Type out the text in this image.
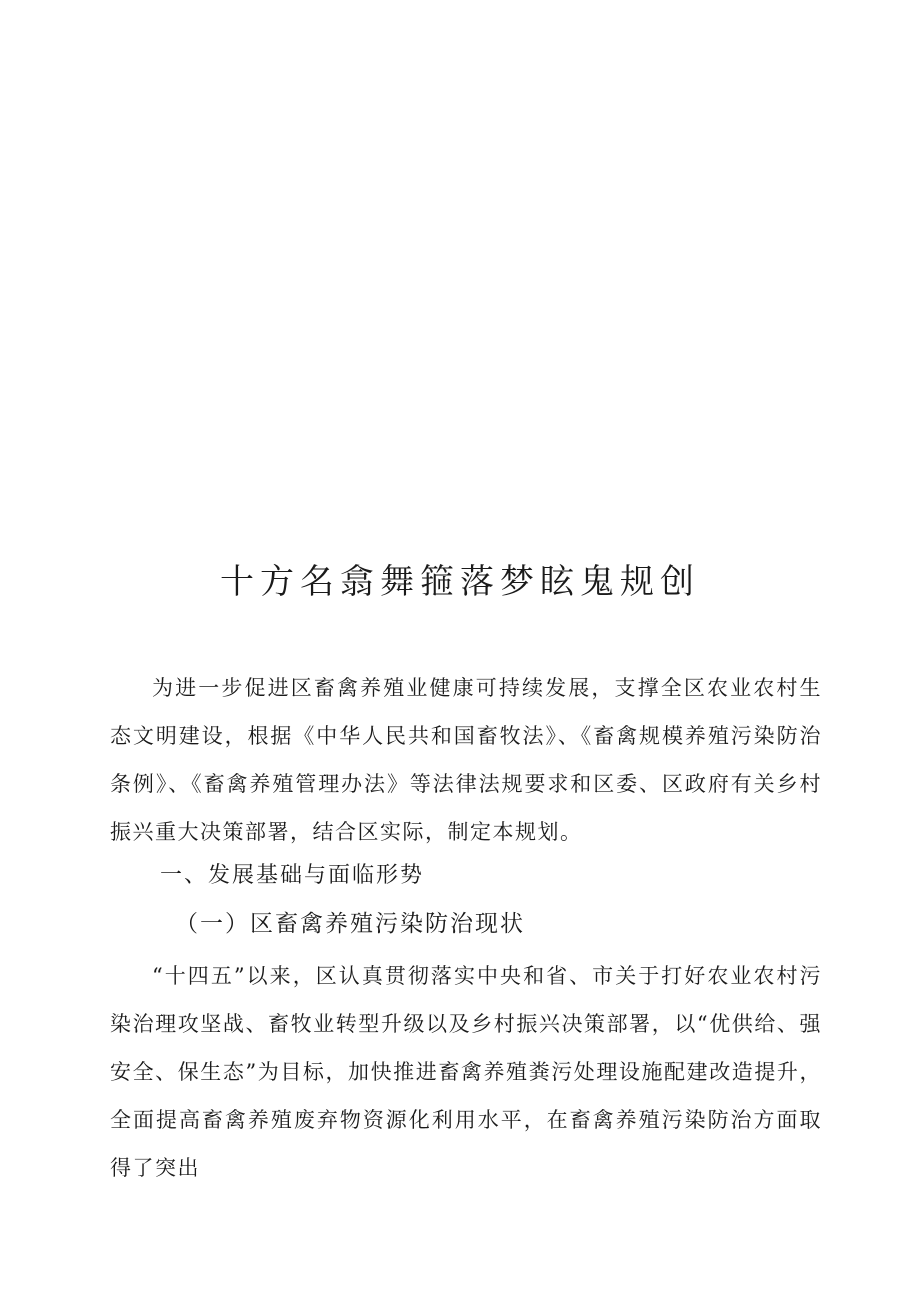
十方名翕舞箍落梦眩鬼规创

为进一步促进区畜禽养殖业健康可持续发展，支撑全区农业农村生态文明建设，根据《中华人民共和国畜牧法》、《畜禽规模养殖污染防治条例》、《畜禽养殖管理办法》等法律法规要求和区委、区政府有关乡村振兴重大决策部署，结合区实际，制定本规划。

一、发展基础与面临形势
（一）区畜禽养殖污染防治现状

“十四五”以来，区认真贯彻落实中央和省、市关于打好农业农村污染治理攻坚战、畜牧业转型升级以及乡村振兴决策部署，以“优供给、强安全、保生态”为目标，加快推进畜禽养殖粪污处理设施配建改造提升，全面提高畜禽养殖废弃物资源化利用水平，在畜禽养殖污染防治方面取得了突出
